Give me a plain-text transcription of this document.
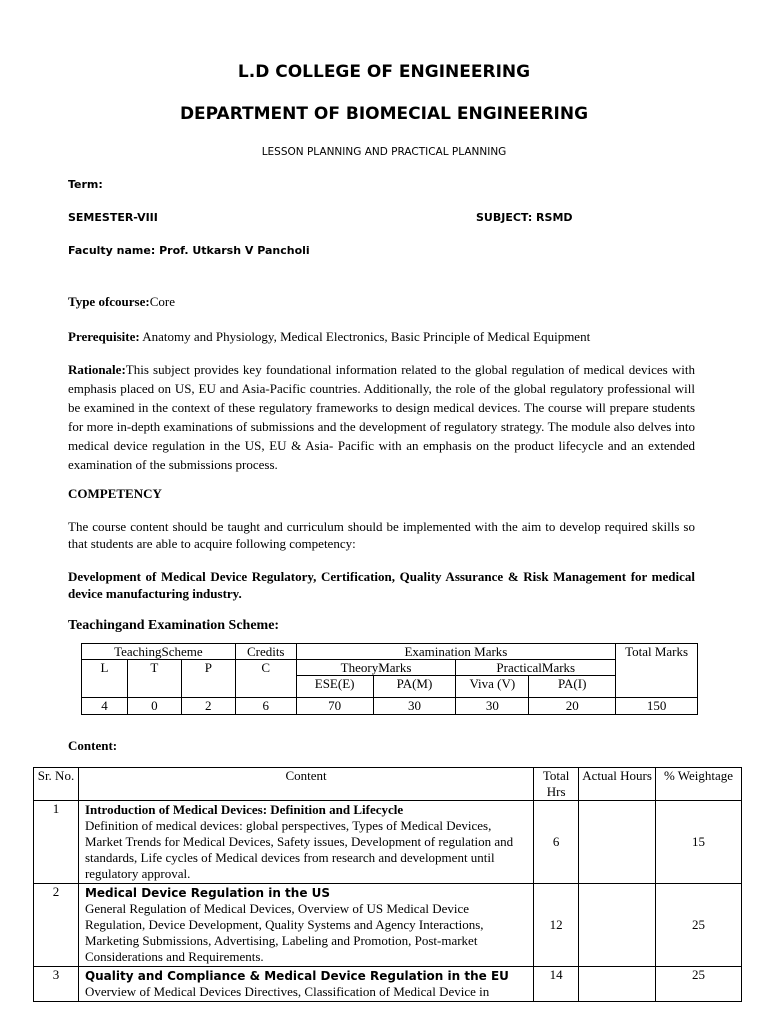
L.D COLLEGE OF ENGINEERING
DEPARTMENT OF BIOMECIAL ENGINEERING
LESSON PLANNING AND PRACTICAL PLANNING
Term:
SEMESTER-VIII	SUBJECT: RSMD
Faculty name: Prof. Utkarsh V Pancholi
Type ofcourse:Core
Prerequisite: Anatomy and Physiology, Medical Electronics, Basic Principle of Medical Equipment
Rationale:This subject provides key foundational information related to the global regulation of medical devices with emphasis placed on US, EU and Asia-Pacific countries. Additionally, the role of the global regulatory professional will be examined in the context of these regulatory frameworks to design medical devices. The course will prepare students for more in-depth examinations of submissions and the development of regulatory strategy. The module also delves into medical device regulation in the US, EU & Asia- Pacific with an emphasis on the product lifecycle and an extended examination of the submissions process.
COMPETENCY
The course content should be taught and curriculum should be implemented with the aim to develop required skills so that students are able to acquire following competency:
Development of Medical Device Regulatory, Certification, Quality Assurance & Risk Management for medical device manufacturing industry.
Teachingand Examination Scheme:
TeachingScheme			Credits	Examination Marks				Total Marks
L	T	P	C	TheoryMarks		PracticalMarks		
				ESE(E)	PA(M)	Viva (V)	PA(I)	
4	0	2	6	70	30	30	20	150
Content:
Sr. No.	Content	Total Hrs	Actual Hours	% Weightage
1	Introduction of Medical Devices: Definition and Lifecycle
Definition of medical devices: global perspectives, Types of Medical Devices, Market Trends for Medical Devices, Safety issues, Development of regulation and standards, Life cycles of Medical devices from research and development until regulatory approval.	6		15
2	Medical Device Regulation in the US
General Regulation of Medical Devices, Overview of US Medical Device Regulation, Device Development, Quality Systems and Agency Interactions, Marketing Submissions, Advertising, Labeling and Promotion, Post-market Considerations and Requirements.	12		25
3	Quality and Compliance & Medical Device Regulation in the EU
Overview of Medical Devices Directives, Classification of Medical Device in	14		25
